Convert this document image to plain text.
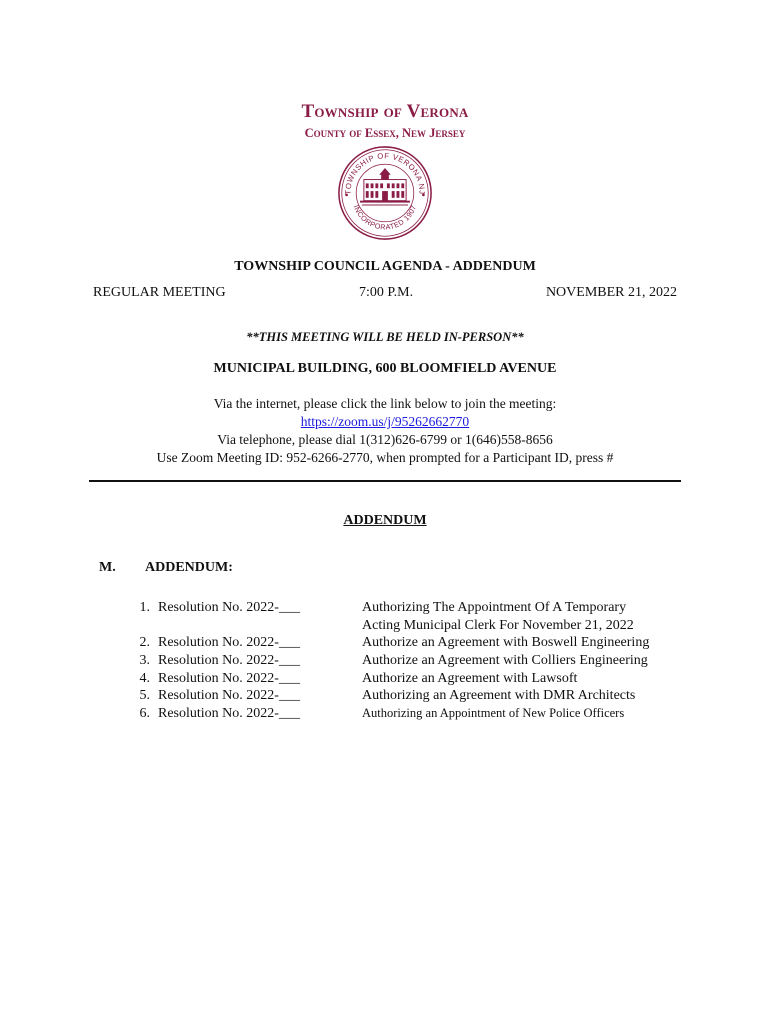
Township of Verona
County of Essex, New Jersey
TOWNSHIP OF VERONA NJ
INCORPORATED 1907
TOWNSHIP COUNCIL AGENDA - ADDENDUM
REGULAR MEETING	7:00 P.M.	NOVEMBER 21, 2022
**THIS MEETING WILL BE HELD IN-PERSON**
MUNICIPAL BUILDING, 600 BLOOMFIELD AVENUE
Via the internet, please click the link below to join the meeting:
https://zoom.us/j/95262662770
Via telephone, please dial 1(312)626-6799 or 1(646)558-8656
Use Zoom Meeting ID: 952-6266-2770, when prompted for a Participant ID, press #
ADDENDUM
M. ADDENDUM:
1. Resolution No. 2022-___	Authorizing The Appointment Of A Temporary
Acting Municipal Clerk For November 21, 2022
2. Resolution No. 2022-___	Authorize an Agreement with Boswell Engineering
3. Resolution No. 2022-___	Authorize an Agreement with Colliers Engineering
4. Resolution No. 2022-___	Authorize an Agreement with Lawsoft
5. Resolution No. 2022-___	Authorizing an Agreement with DMR Architects
6. Resolution No. 2022-___	Authorizing an Appointment of New Police Officers
